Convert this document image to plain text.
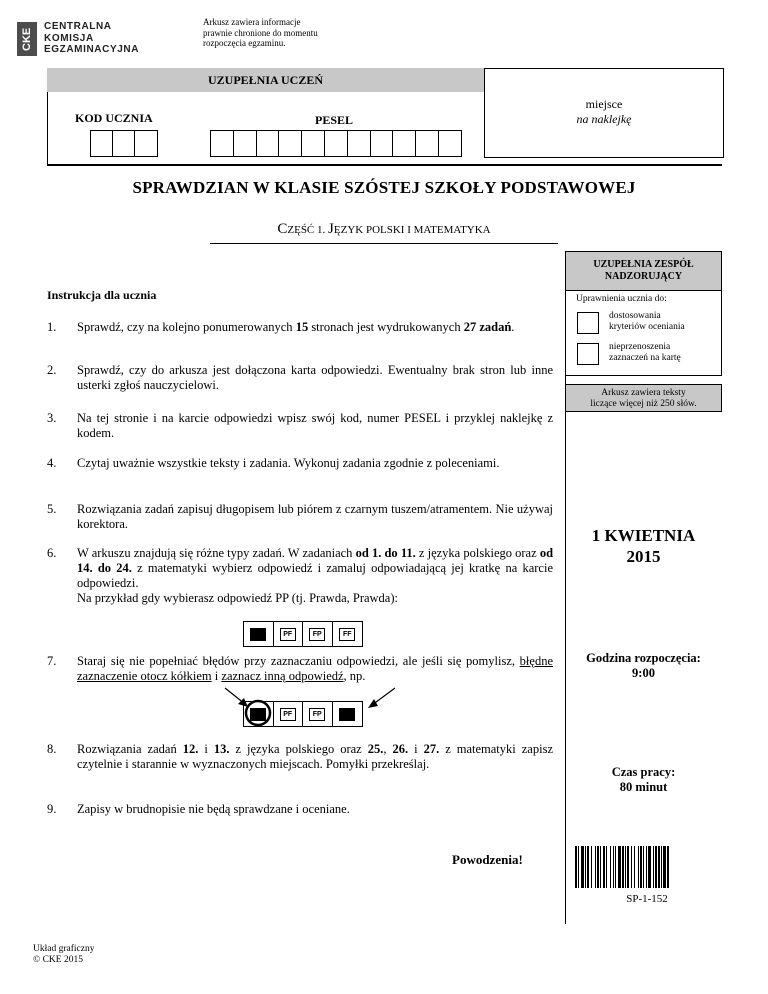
CKE
CENTRALNA
KOMISJA
EGZAMINACYJNA
Arkusz zawiera informacje
prawnie chronione do momentu
rozpoczęcia egzaminu.
UZUPEŁNIA UCZEŃ
KOD UCZNIA	PESEL
miejsce
na naklejkę
SPRAWDZIAN W KLASIE SZÓSTEJ SZKOŁY PODSTAWOWEJ
CZĘŚĆ 1. JĘZYK POLSKI I MATEMATYKA
UZUPEŁNIA ZESPÓŁ
NADZORUJĄCY
Uprawnienia ucznia do:
dostosowania
kryteriów oceniania
nieprzenoszenia
zaznaczeń na kartę
Arkusz zawiera teksty
liczące więcej niż 250 słów.
1 KWIETNIA
2015
Godzina rozpoczęcia:
9:00
Czas pracy:
80 minut
Instrukcja dla ucznia
1. Sprawdź, czy na kolejno ponumerowanych 15 stronach jest wydrukowanych 27 zadań.
2. Sprawdź, czy do arkusza jest dołączona karta odpowiedzi. Ewentualny brak stron lub inne usterki zgłoś nauczycielowi.
3. Na tej stronie i na karcie odpowiedzi wpisz swój kod, numer PESEL i przyklej naklejkę z kodem.
4. Czytaj uważnie wszystkie teksty i zadania. Wykonuj zadania zgodnie z poleceniami.
5. Rozwiązania zadań zapisuj długopisem lub piórem z czarnym tuszem/atramentem. Nie używaj korektora.
6. W arkuszu znajdują się różne typy zadań. W zadaniach od 1. do 11. z języka polskiego oraz od 14. do 24. z matematyki wybierz odpowiedź i zamaluj odpowiadającą jej kratkę na karcie odpowiedzi.
Na przykład gdy wybierasz odpowiedź PP (tj. Prawda, Prawda):
PF	FP	FF
7. Staraj się nie popełniać błędów przy zaznaczaniu odpowiedzi, ale jeśli się pomylisz, błędne zaznaczenie otocz kółkiem i zaznacz inną odpowiedź, np.
PF	FP
8. Rozwiązania zadań 12. i 13. z języka polskiego oraz 25., 26. i 27. z matematyki zapisz czytelnie i starannie w wyznaczonych miejscach. Pomyłki przekreślaj.
9. Zapisy w brudnopisie nie będą sprawdzane i oceniane.
Powodzenia!
SP-1-152
Układ graficzny
© CKE 2015
